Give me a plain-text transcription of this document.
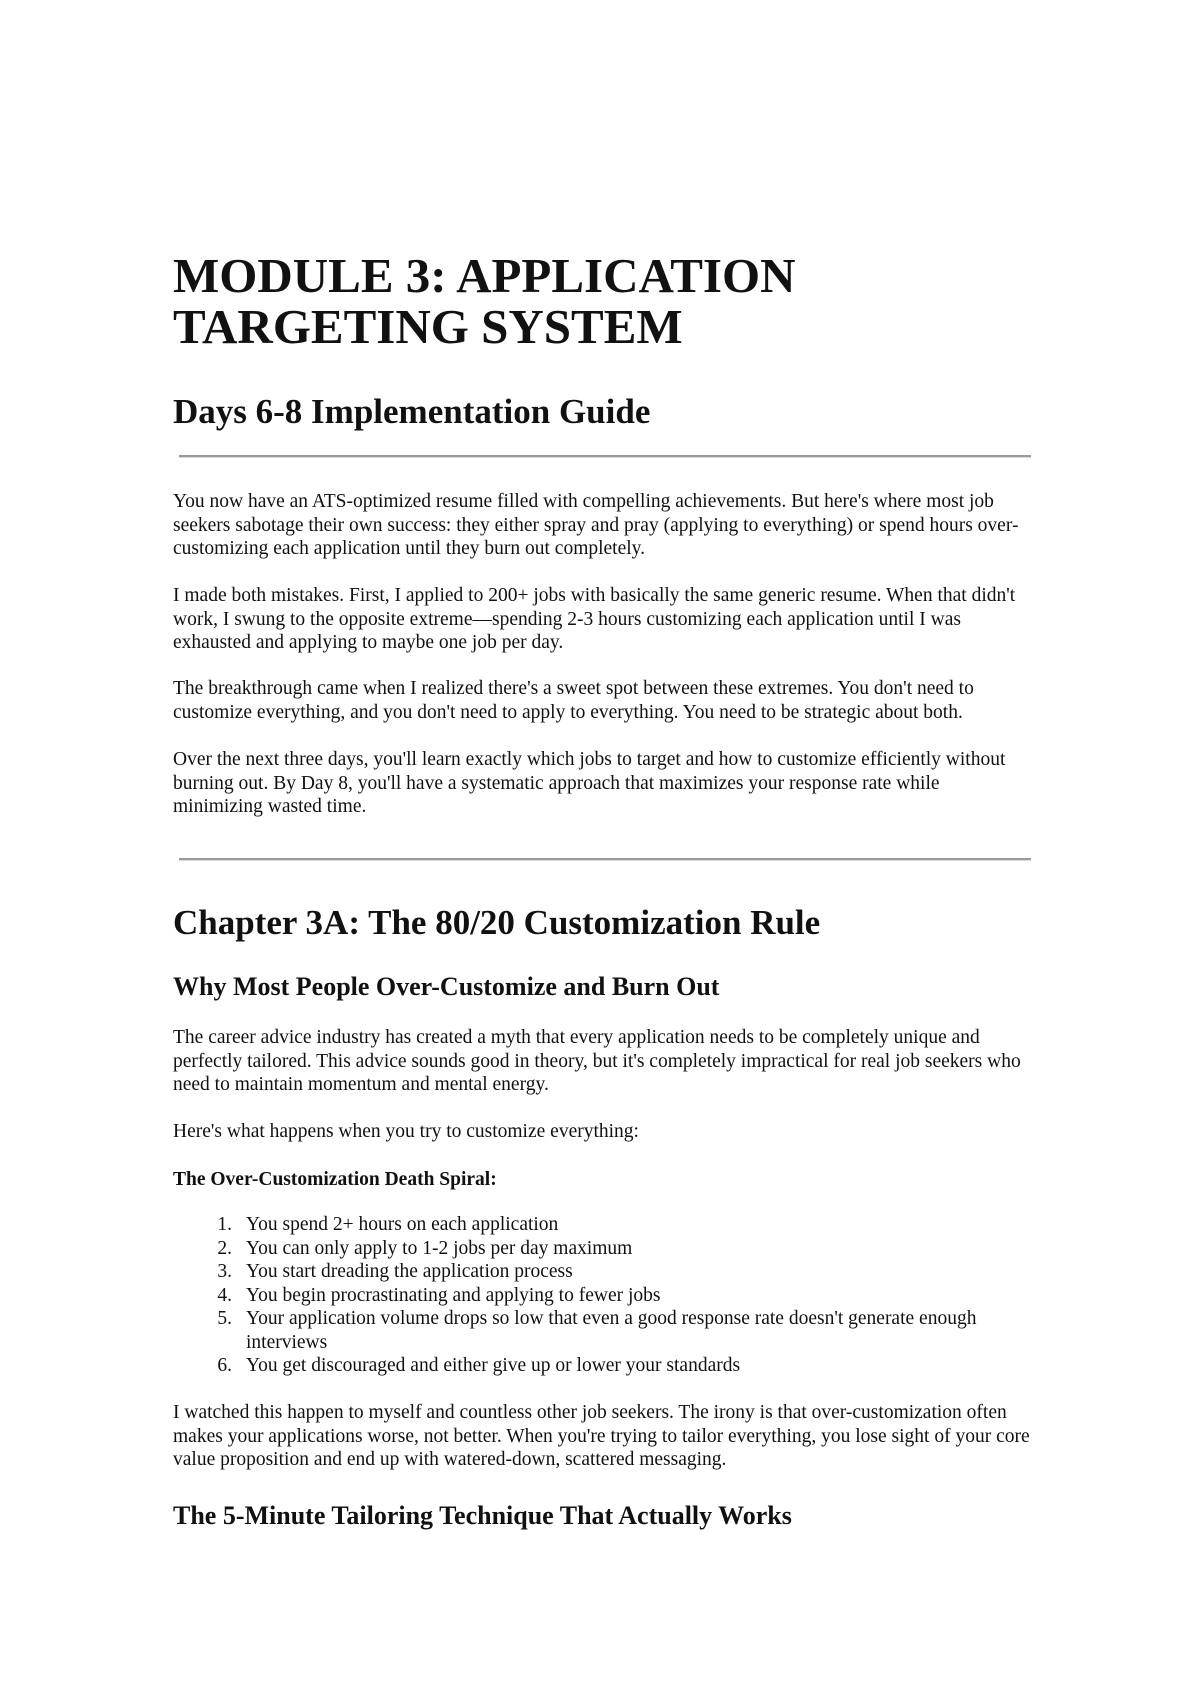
MODULE 3: APPLICATION TARGETING SYSTEM
Days 6-8 Implementation Guide

You now have an ATS-optimized resume filled with compelling achievements. But here's where most job seekers sabotage their own success: they either spray and pray (applying to everything) or spend hours over-customizing each application until they burn out completely.

I made both mistakes. First, I applied to 200+ jobs with basically the same generic resume. When that didn't work, I swung to the opposite extreme—spending 2-3 hours customizing each application until I was exhausted and applying to maybe one job per day.

The breakthrough came when I realized there's a sweet spot between these extremes. You don't need to customize everything, and you don't need to apply to everything. You need to be strategic about both.

Over the next three days, you'll learn exactly which jobs to target and how to customize efficiently without burning out. By Day 8, you'll have a systematic approach that maximizes your response rate while minimizing wasted time.

Chapter 3A: The 80/20 Customization Rule
Why Most People Over-Customize and Burn Out

The career advice industry has created a myth that every application needs to be completely unique and perfectly tailored. This advice sounds good in theory, but it's completely impractical for real job seekers who need to maintain momentum and mental energy.

Here's what happens when you try to customize everything:

The Over-Customization Death Spiral:

1. You spend 2+ hours on each application
2. You can only apply to 1-2 jobs per day maximum
3. You start dreading the application process
4. You begin procrastinating and applying to fewer jobs
5. Your application volume drops so low that even a good response rate doesn't generate enough interviews
6. You get discouraged and either give up or lower your standards

I watched this happen to myself and countless other job seekers. The irony is that over-customization often makes your applications worse, not better. When you're trying to tailor everything, you lose sight of your core value proposition and end up with watered-down, scattered messaging.

The 5-Minute Tailoring Technique That Actually Works
